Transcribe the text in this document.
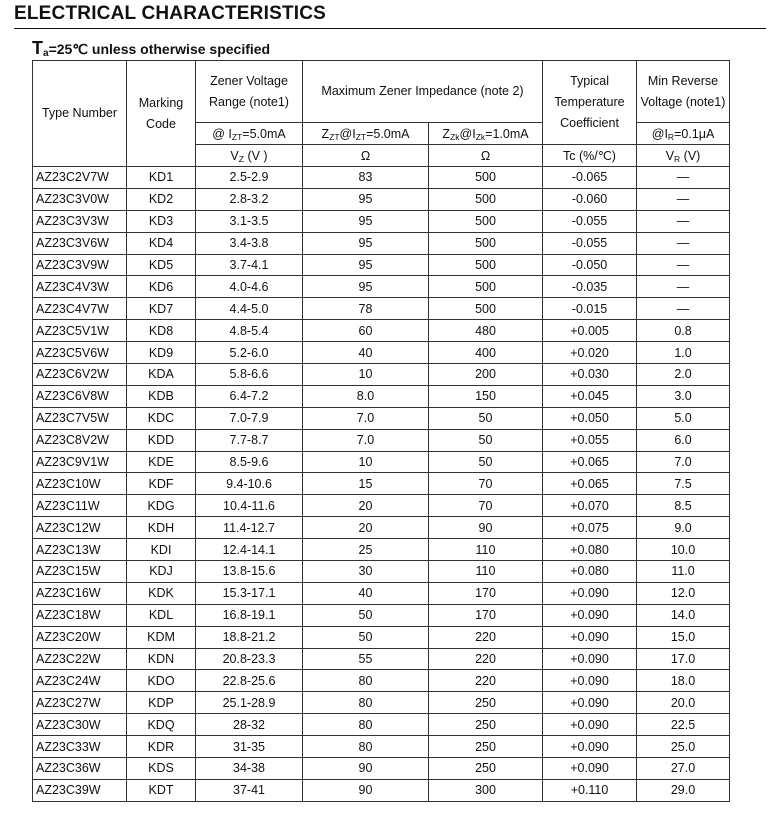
ELECTRICAL CHARACTERISTICS
$T_a=25℃$ unless otherwise specified
Type Number	Marking Code	Zener Voltage Range (note1)	Maximum Zener Impedance (note 2)		Typical Temperature Coefficient	Min Reverse Voltage (note1)
		@ $I_{ZT}=5.0mA$	$Z_{ZT}@I_{ZT}=5.0mA$	$Z_{Zk}@I_{Zk}=1.0mA$		$@I_R=0.1\mu A$
		$V_Z$ (V )	Ω	Ω	Tc (%/℃)	$V_R$ (V)
AZ23C2V7W	KD1	2.5-2.9	83	500	-0.065	—
AZ23C3V0W	KD2	2.8-3.2	95	500	-0.060	—
AZ23C3V3W	KD3	3.1-3.5	95	500	-0.055	—
AZ23C3V6W	KD4	3.4-3.8	95	500	-0.055	—
AZ23C3V9W	KD5	3.7-4.1	95	500	-0.050	—
AZ23C4V3W	KD6	4.0-4.6	95	500	-0.035	—
AZ23C4V7W	KD7	4.4-5.0	78	500	-0.015	—
AZ23C5V1W	KD8	4.8-5.4	60	480	+0.005	0.8
AZ23C5V6W	KD9	5.2-6.0	40	400	+0.020	1.0
AZ23C6V2W	KDA	5.8-6.6	10	200	+0.030	2.0
AZ23C6V8W	KDB	6.4-7.2	8.0	150	+0.045	3.0
AZ23C7V5W	KDC	7.0-7.9	7.0	50	+0.050	5.0
AZ23C8V2W	KDD	7.7-8.7	7.0	50	+0.055	6.0
AZ23C9V1W	KDE	8.5-9.6	10	50	+0.065	7.0
AZ23C10W	KDF	9.4-10.6	15	70	+0.065	7.5
AZ23C11W	KDG	10.4-11.6	20	70	+0.070	8.5
AZ23C12W	KDH	11.4-12.7	20	90	+0.075	9.0
AZ23C13W	KDI	12.4-14.1	25	110	+0.080	10.0
AZ23C15W	KDJ	13.8-15.6	30	110	+0.080	11.0
AZ23C16W	KDK	15.3-17.1	40	170	+0.090	12.0
AZ23C18W	KDL	16.8-19.1	50	170	+0.090	14.0
AZ23C20W	KDM	18.8-21.2	50	220	+0.090	15.0
AZ23C22W	KDN	20.8-23.3	55	220	+0.090	17.0
AZ23C24W	KDO	22.8-25.6	80	220	+0.090	18.0
AZ23C27W	KDP	25.1-28.9	80	250	+0.090	20.0
AZ23C30W	KDQ	28-32	80	250	+0.090	22.5
AZ23C33W	KDR	31-35	80	250	+0.090	25.0
AZ23C36W	KDS	34-38	90	250	+0.090	27.0
AZ23C39W	KDT	37-41	90	300	+0.110	29.0
